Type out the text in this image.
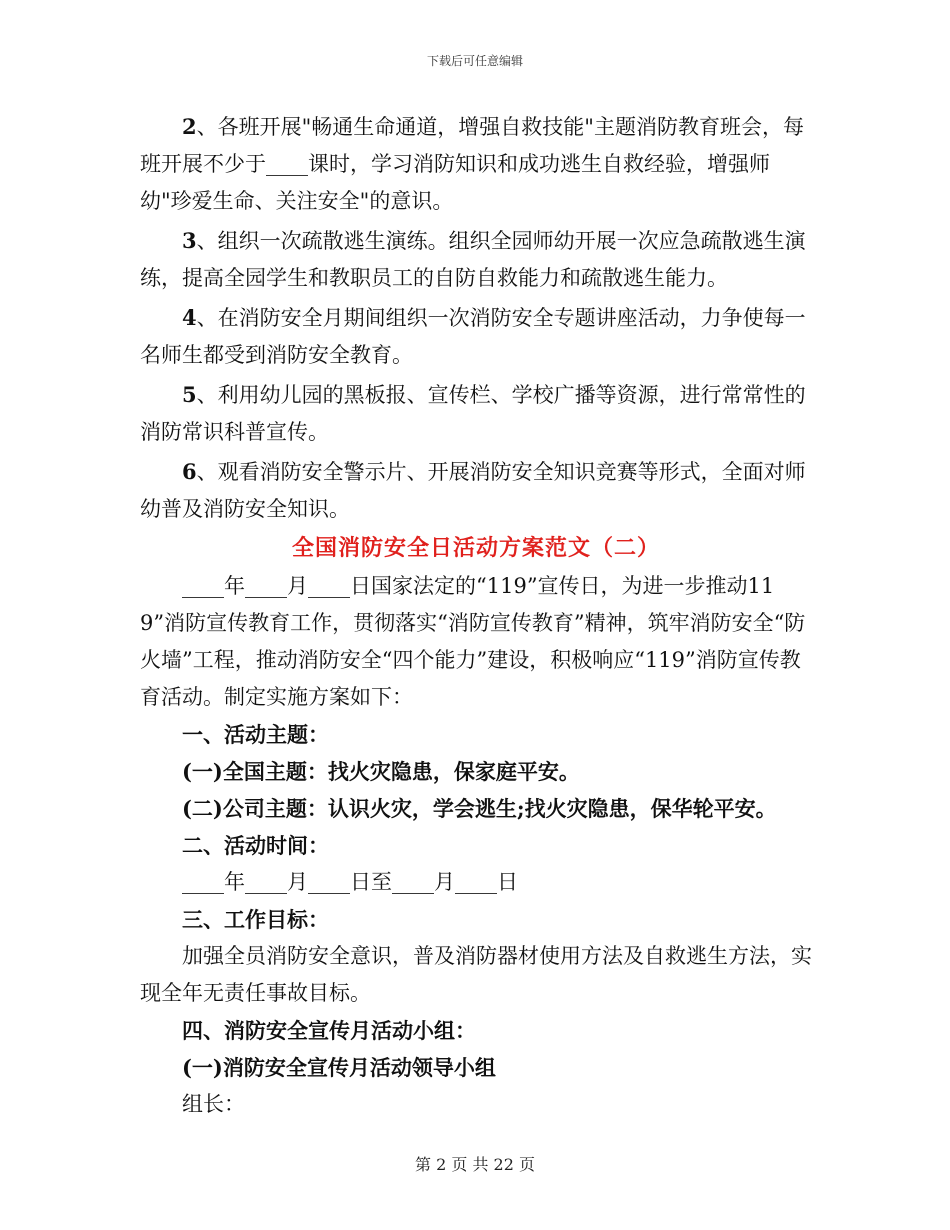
下载后可任意编辑

2、各班开展"畅通生命通道，增强自救技能"主题消防教育班会，每班开展不少于____课时，学习消防知识和成功逃生自救经验，增强师幼"珍爱生命、关注安全"的意识。

3、组织一次疏散逃生演练。组织全园师幼开展一次应急疏散逃生演练，提高全园学生和教职员工的自防自救能力和疏散逃生能力。

4、在消防安全月期间组织一次消防安全专题讲座活动，力争使每一名师生都受到消防安全教育。

5、利用幼儿园的黑板报、宣传栏、学校广播等资源，进行常常性的消防常识科普宣传。

6、观看消防安全警示片、开展消防安全知识竞赛等形式，全面对师幼普及消防安全知识。

全国消防安全日活动方案范文（二）

____年____月____日国家法定的“119”宣传日，为进一步推动119”消防宣传教育工作，贯彻落实“消防宣传教育”精神，筑牢消防安全“防火墙”工程，推动消防安全“四个能力”建设，积极响应“119”消防宣传教育活动。制定实施方案如下：

一、活动主题：

(一)全国主题：找火灾隐患，保家庭平安。

(二)公司主题：认识火灾，学会逃生;找火灾隐患，保华轮平安。

二、活动时间：

____年____月____日至____月____日

三、工作目标：

加强全员消防安全意识，普及消防器材使用方法及自救逃生方法，实现全年无责任事故目标。

四、消防安全宣传月活动小组：

(一)消防安全宣传月活动领导小组

组长：

第 2 页 共 22 页
